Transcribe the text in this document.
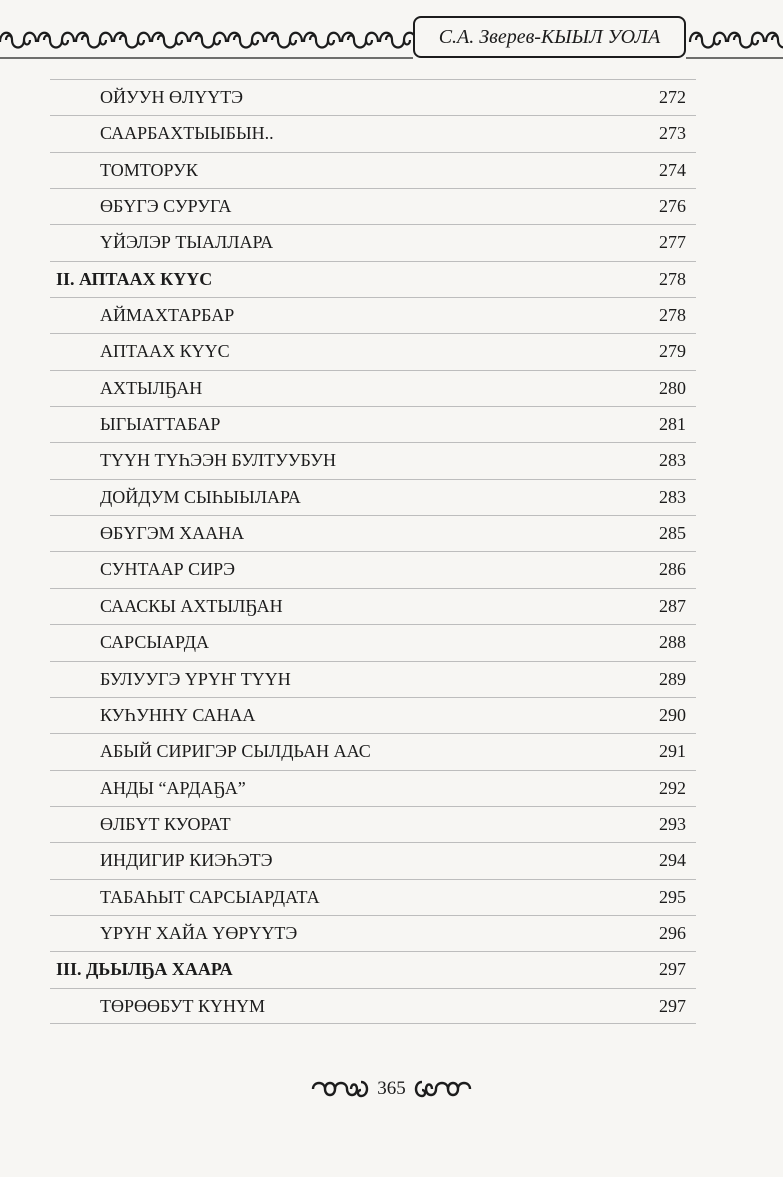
С.А. Зверев-КЫЫЛ УОЛА
ОЙУУН ӨЛҮҮТЭ	272
СААРБАХТЫЫБЫН..	273
ТОМТОРУК	274
ӨБҮГЭ СУРУГА	276
ҮЙЭЛЭР ТЫАЛЛАРА	277
II. АПТААХ КҮҮС	278
АЙМАХТАРБАР	278
АПТААХ КҮҮС	279
АХТЫЛҔАН	280
ЫГЫАТТАБАР	281
ТҮҮН ТҮҺЭЭН БУЛТУУБУН	283
ДОЙДУМ СЫҺЫЫЛАРА	283
ӨБҮГЭМ ХААНА	285
СУНТААР СИРЭ	286
СААСКЫ АХТЫЛҔАН	287
САРСЫАРДА	288
БУЛУУГЭ ҮРҮҤ ТҮҮН	289
КУҺУННҮ САНАА	290
АБЫЙ СИРИГЭР СЫЛДЬАН ААС	291
АНДЫ “АРДАҔА”	292
ӨЛБҮТ КУОРАТ	293
ИНДИГИР КИЭҺЭТЭ	294
ТАБАҺЫТ САРСЫАРДАТА	295
ҮРҮҤ ХАЙА ҮӨРҮҮТЭ	296
III. ДЬЫЛҔА ХААРА	297
ТӨРӨӨБУТ КҮНҮМ	297
365
